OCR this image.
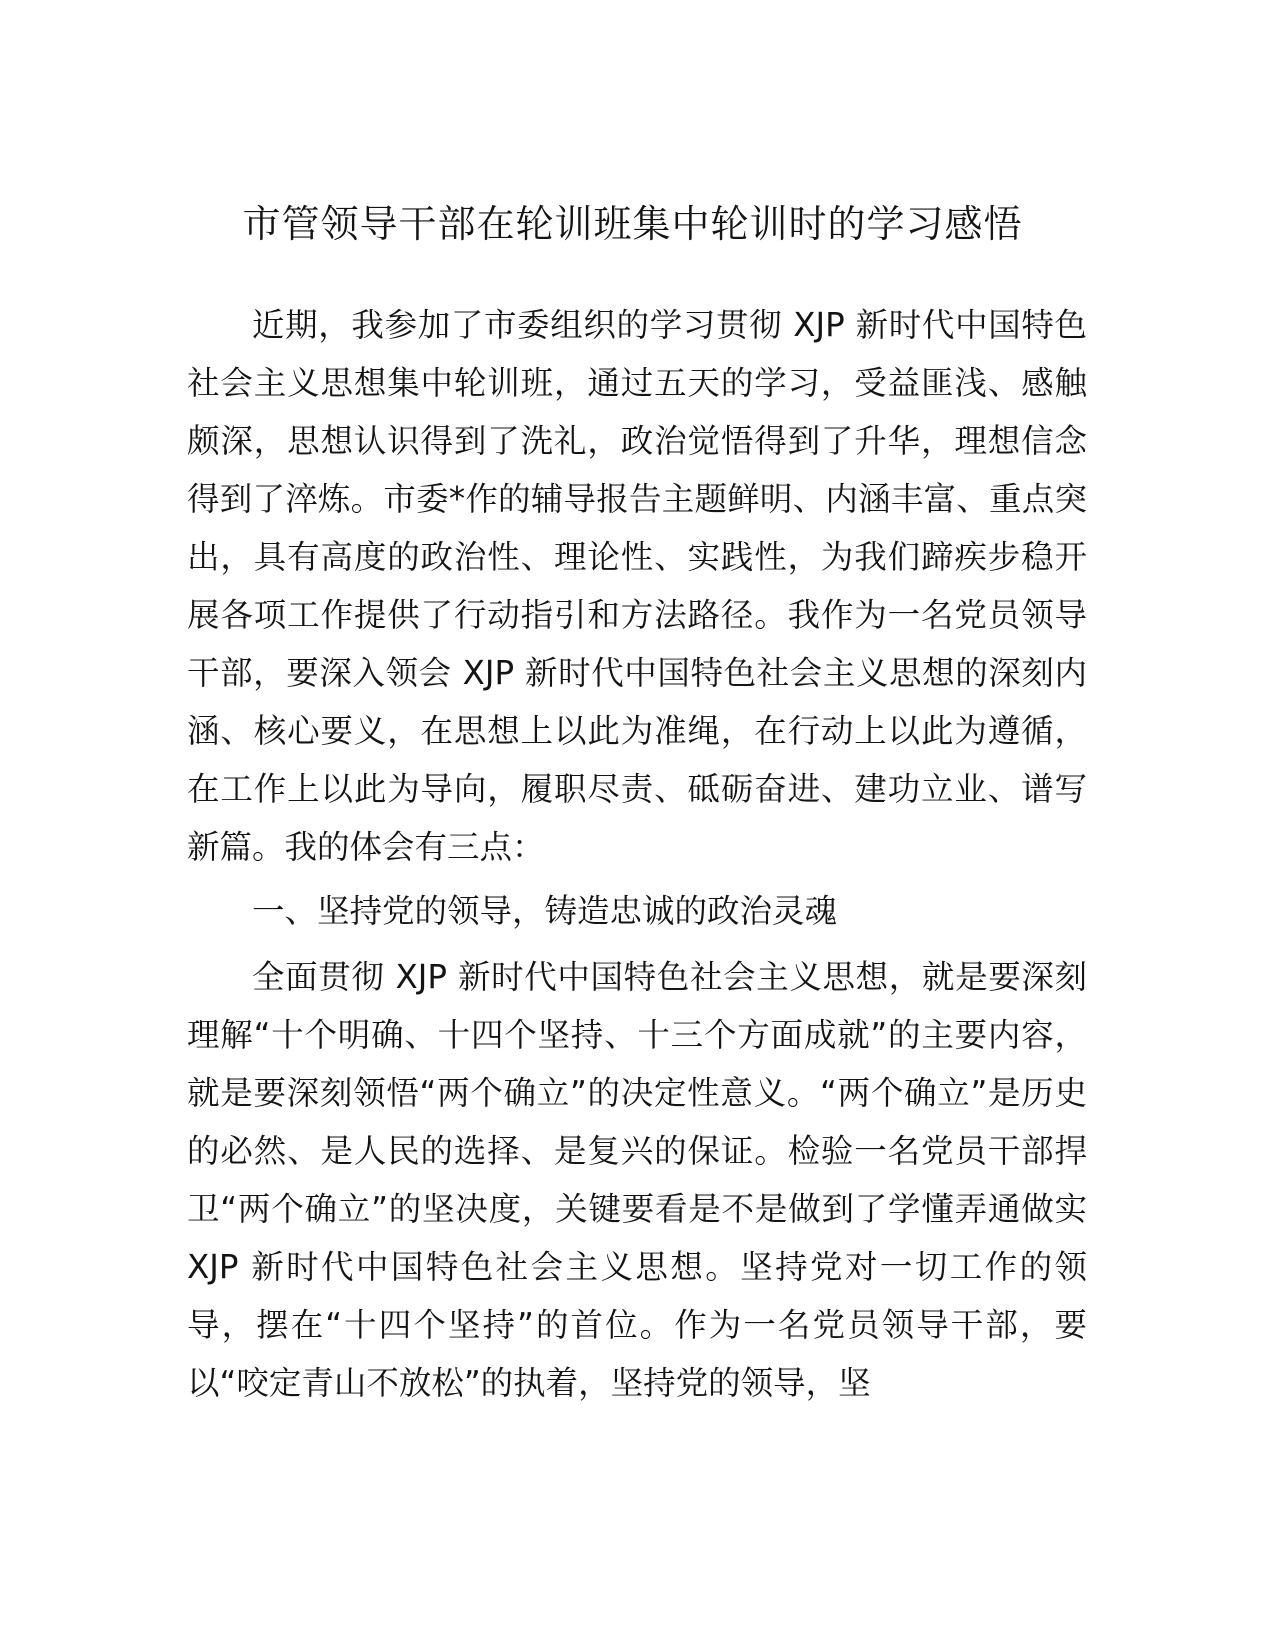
市管领导干部在轮训班集中轮训时的学习感悟

近期，我参加了市委组织的学习贯彻 XJP 新时代中国特色社会主义思想集中轮训班，通过五天的学习，受益匪浅、感触颇深，思想认识得到了洗礼，政治觉悟得到了升华，理想信念得到了淬炼。市委*作的辅导报告主题鲜明、内涵丰富、重点突出，具有高度的政治性、理论性、实践性，为我们蹄疾步稳开展各项工作提供了行动指引和方法路径。我作为一名党员领导干部，要深入领会 XJP 新时代中国特色社会主义思想的深刻内涵、核心要义，在思想上以此为准绳，在行动上以此为遵循，在工作上以此为导向，履职尽责、砥砺奋进、建功立业、谱写新篇。我的体会有三点：

一、坚持党的领导，铸造忠诚的政治灵魂

全面贯彻 XJP 新时代中国特色社会主义思想，就是要深刻理解“十个明确、十四个坚持、十三个方面成就”的主要内容，就是要深刻领悟“两个确立”的决定性意义。“两个确立”是历史的必然、是人民的选择、是复兴的保证。检验一名党员干部捍卫“两个确立”的坚决度，关键要看是不是做到了学懂弄通做实 XJP 新时代中国特色社会主义思想。坚持党对一切工作的领导，摆在“十四个坚持”的首位。作为一名党员领导干部，要以“咬定青山不放松”的执着，坚持党的领导，坚
